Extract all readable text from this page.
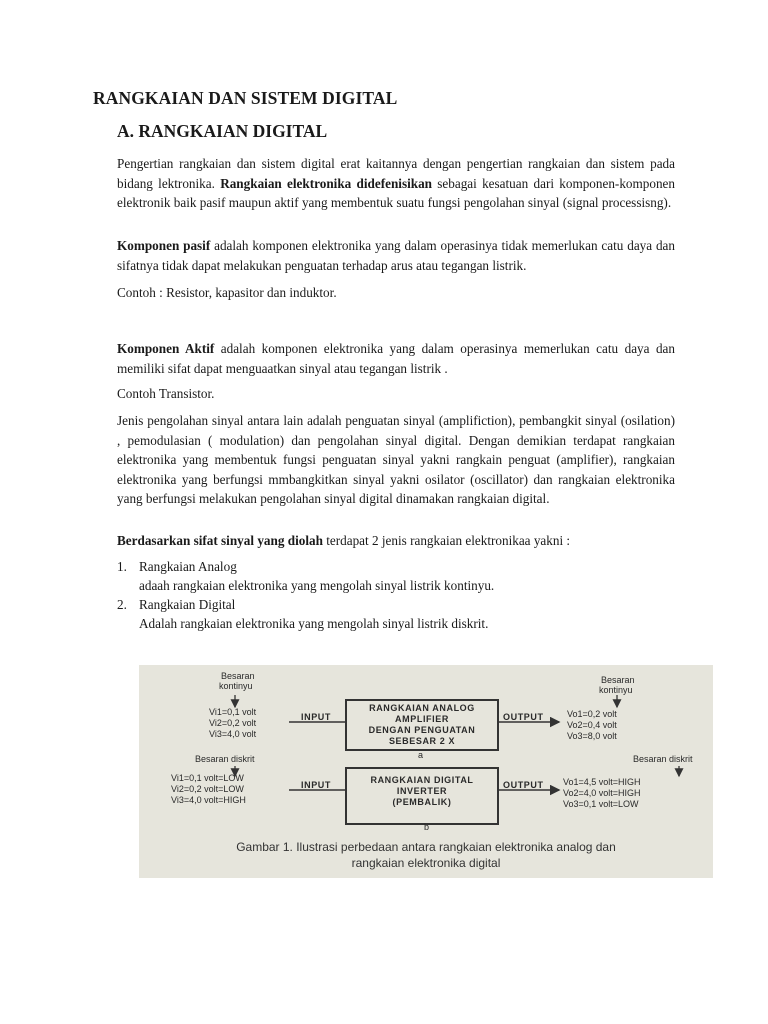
RANGKAIAN DAN SISTEM DIGITAL
A. RANGKAIAN DIGITAL

Pengertian rangkaian dan sistem digital erat kaitannya dengan pengertian rangkaian dan sistem pada bidang lektronika. Rangkaian elektronika didefenisikan sebagai kesatuan dari komponen-komponen elektronik baik pasif maupun aktif yang membentuk suatu fungsi pengolahan sinyal (signal processisng).

Komponen pasif adalah komponen elektronika yang dalam operasinya tidak memerlukan catu daya dan sifatnya tidak dapat melakukan penguatan terhadap arus atau tegangan listrik.

Contoh : Resistor, kapasitor dan induktor.

Komponen Aktif adalah komponen elektronika yang dalam operasinya memerlukan catu daya dan memiliki sifat dapat menguaatkan sinyal atau tegangan listrik .

Contoh Transistor.

Jenis pengolahan sinyal antara lain adalah penguatan sinyal (amplifiction), pembangkit sinyal (osilation) , pemodulasian ( modulation) dan pengolahan sinyal digital. Dengan demikian terdapat rangkaian elektronika yang membentuk fungsi penguatan sinyal yakni rangkain penguat (amplifier), rangkaian elektronika yang berfungsi mmbangkitkan sinyal yakni osilator (oscillator) dan rangkaian elektronika yang berfungsi melakukan pengolahan sinyal digital dinamakan rangkaian digital.

Berdasarkan sifat sinyal yang diolah terdapat 2 jenis rangkaian elektronikaa yakni :

1. Rangkaian Analog
adaah rangkaian elektronika yang mengolah sinyal listrik kontinyu.
2. Rangkaian Digital
Adalah rangkaian elektronika yang mengolah sinyal listrik diskrit.
Besaran
kontinyu
Vi1=0,1 volt
Vi2=0,2 volt
Vi3=4,0 volt
INPUT
RANGKAIAN ANALOG
AMPLIFIER
DENGAN PENGUATAN
SEBESAR 2 X
a
OUTPUT
Besaran
kontinyu
Vo1=0,2 volt
Vo2=0,4 volt
Vo3=8,0 volt
Besaran diskrit
Vi1=0,1 volt=LOW
Vi2=0,2 volt=LOW
Vi3=4,0 volt=HIGH
INPUT	RANGKAIAN DIGITAL
INVERTER
(PEMBALIK)
b
OUTPUT
Besaran diskrit
Vo1=4,5 volt=HIGH
Vo2=4,0 volt=HIGH
Vo3=0,1 volt=LOW
Gambar 1. Ilustrasi perbedaan antara rangkaian elektronika analog dan
rangkaian elektronika digital
